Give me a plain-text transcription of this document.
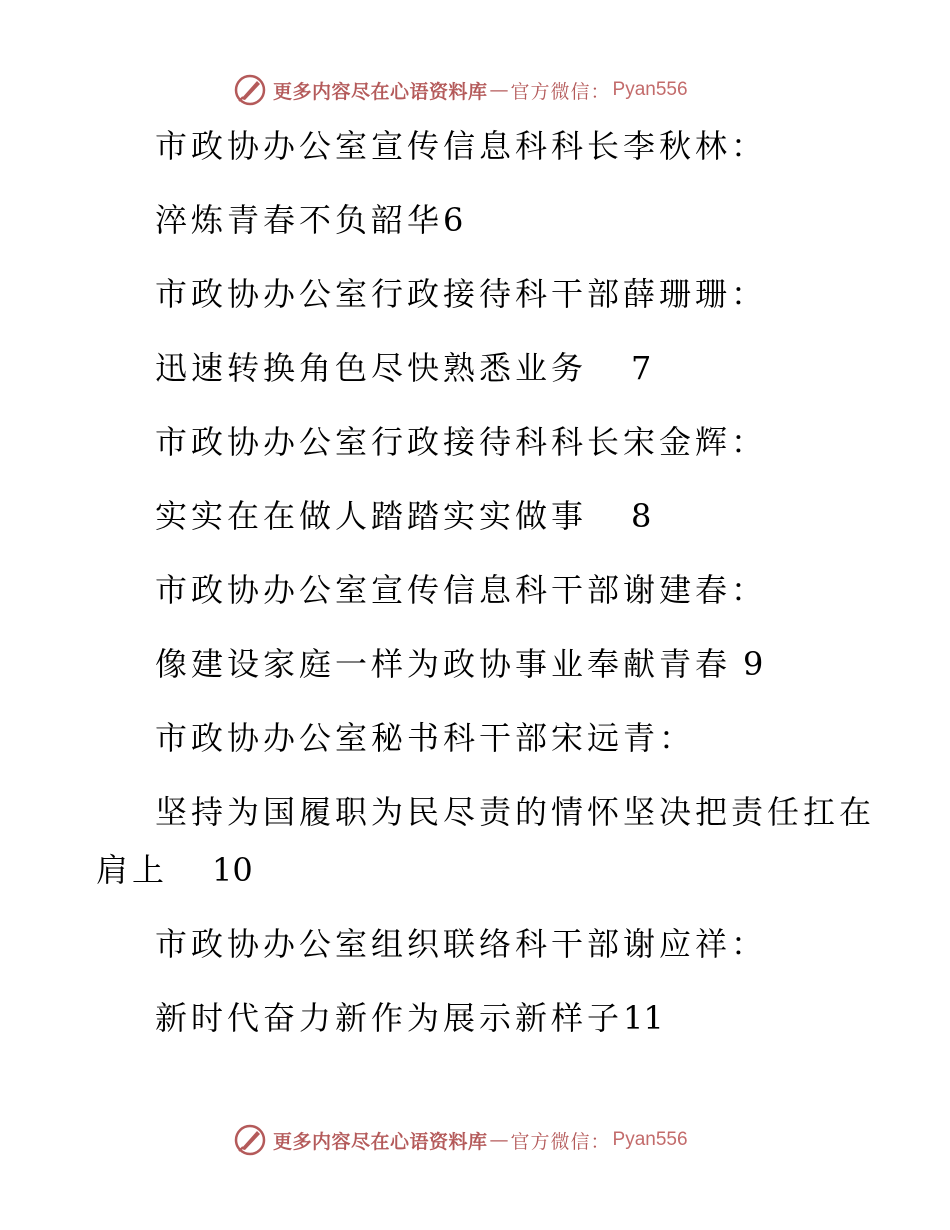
更多内容尽在心语资料库 — 官方微信： Pyan556
市政协办公室宣传信息科科长李秋林：
淬炼青春不负韶华6
市政协办公室行政接待科干部薛珊珊：
迅速转换角色尽快熟悉业务 7
市政协办公室行政接待科科长宋金辉：
实实在在做人踏踏实实做事 8
市政协办公室宣传信息科干部谢建春：
像建设家庭一样为政协事业奉献青春 9
市政协办公室秘书科干部宋远青：
坚持为国履职为民尽责的情怀坚决把责任扛在
肩上 10
市政协办公室组织联络科干部谢应祥：
新时代奋力新作为展示新样子11
更多内容尽在心语资料库 — 官方微信： Pyan556
